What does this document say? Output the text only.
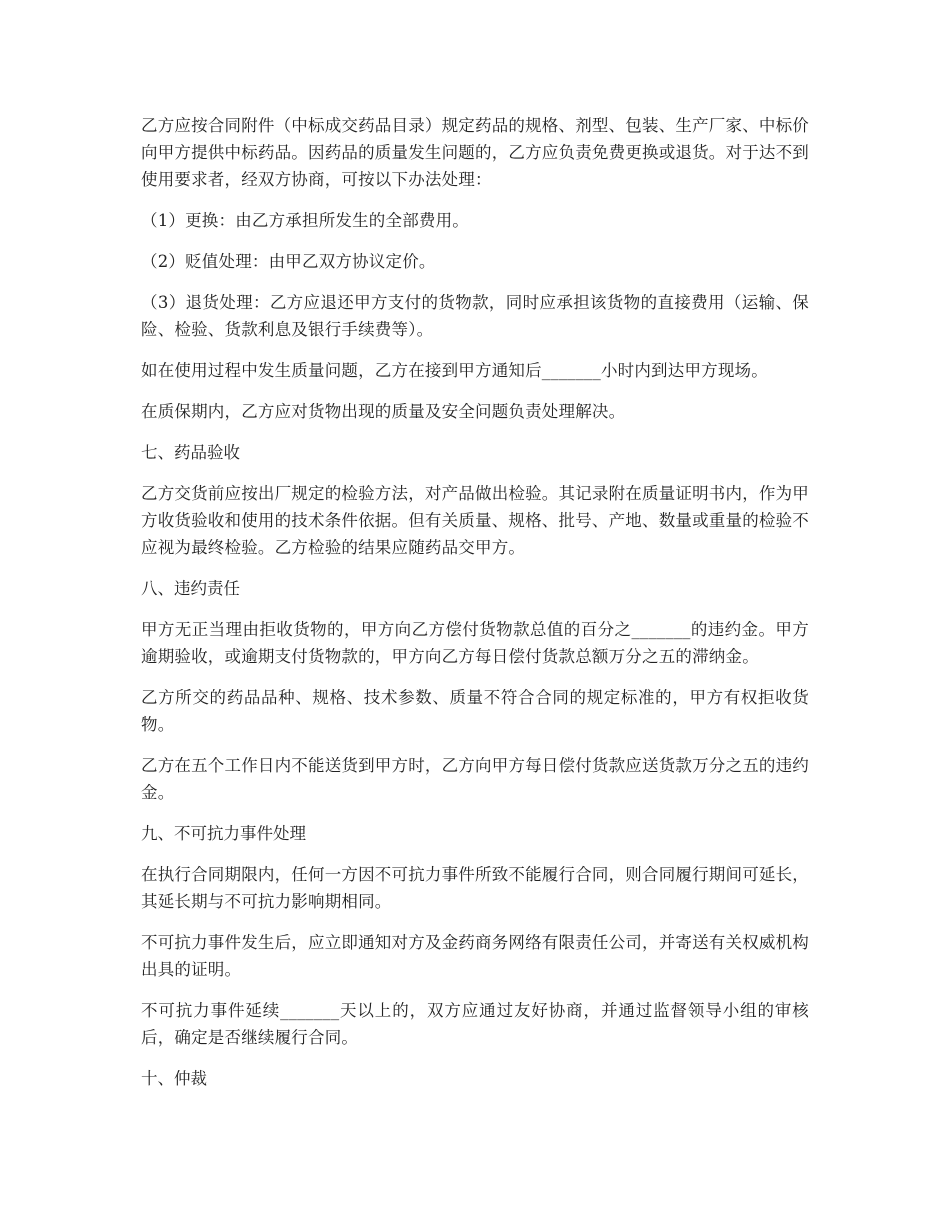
乙方应按合同附件（中标成交药品目录）规定药品的规格、剂型、包装、生产厂家、中标价向甲方提供中标药品。因药品的质量发生问题的，乙方应负责免费更换或退货。对于达不到使用要求者，经双方协商，可按以下办法处理：

（1）更换：由乙方承担所发生的全部费用。

（2）贬值处理：由甲乙双方协议定价。

（3）退货处理：乙方应退还甲方支付的货物款，同时应承担该货物的直接费用（运输、保险、检验、货款利息及银行手续费等）。

如在使用过程中发生质量问题，乙方在接到甲方通知后_______小时内到达甲方现场。

在质保期内，乙方应对货物出现的质量及安全问题负责处理解决。

七、药品验收

乙方交货前应按出厂规定的检验方法，对产品做出检验。其记录附在质量证明书内，作为甲方收货验收和使用的技术条件依据。但有关质量、规格、批号、产地、数量或重量的检验不应视为最终检验。乙方检验的结果应随药品交甲方。

八、违约责任

甲方无正当理由拒收货物的，甲方向乙方偿付货物款总值的百分之_______的违约金。甲方逾期验收，或逾期支付货物款的，甲方向乙方每日偿付货款总额万分之五的滞纳金。

乙方所交的药品品种、规格、技术参数、质量不符合合同的规定标准的，甲方有权拒收货物。

乙方在五个工作日内不能送货到甲方时，乙方向甲方每日偿付货款应送货款万分之五的违约金。

九、不可抗力事件处理

在执行合同期限内，任何一方因不可抗力事件所致不能履行合同，则合同履行期间可延长，其延长期与不可抗力影响期相同。

不可抗力事件发生后，应立即通知对方及金药商务网络有限责任公司，并寄送有关权威机构出具的证明。

不可抗力事件延续_______天以上的，双方应通过友好协商，并通过监督领导小组的审核后，确定是否继续履行合同。

十、仲裁
